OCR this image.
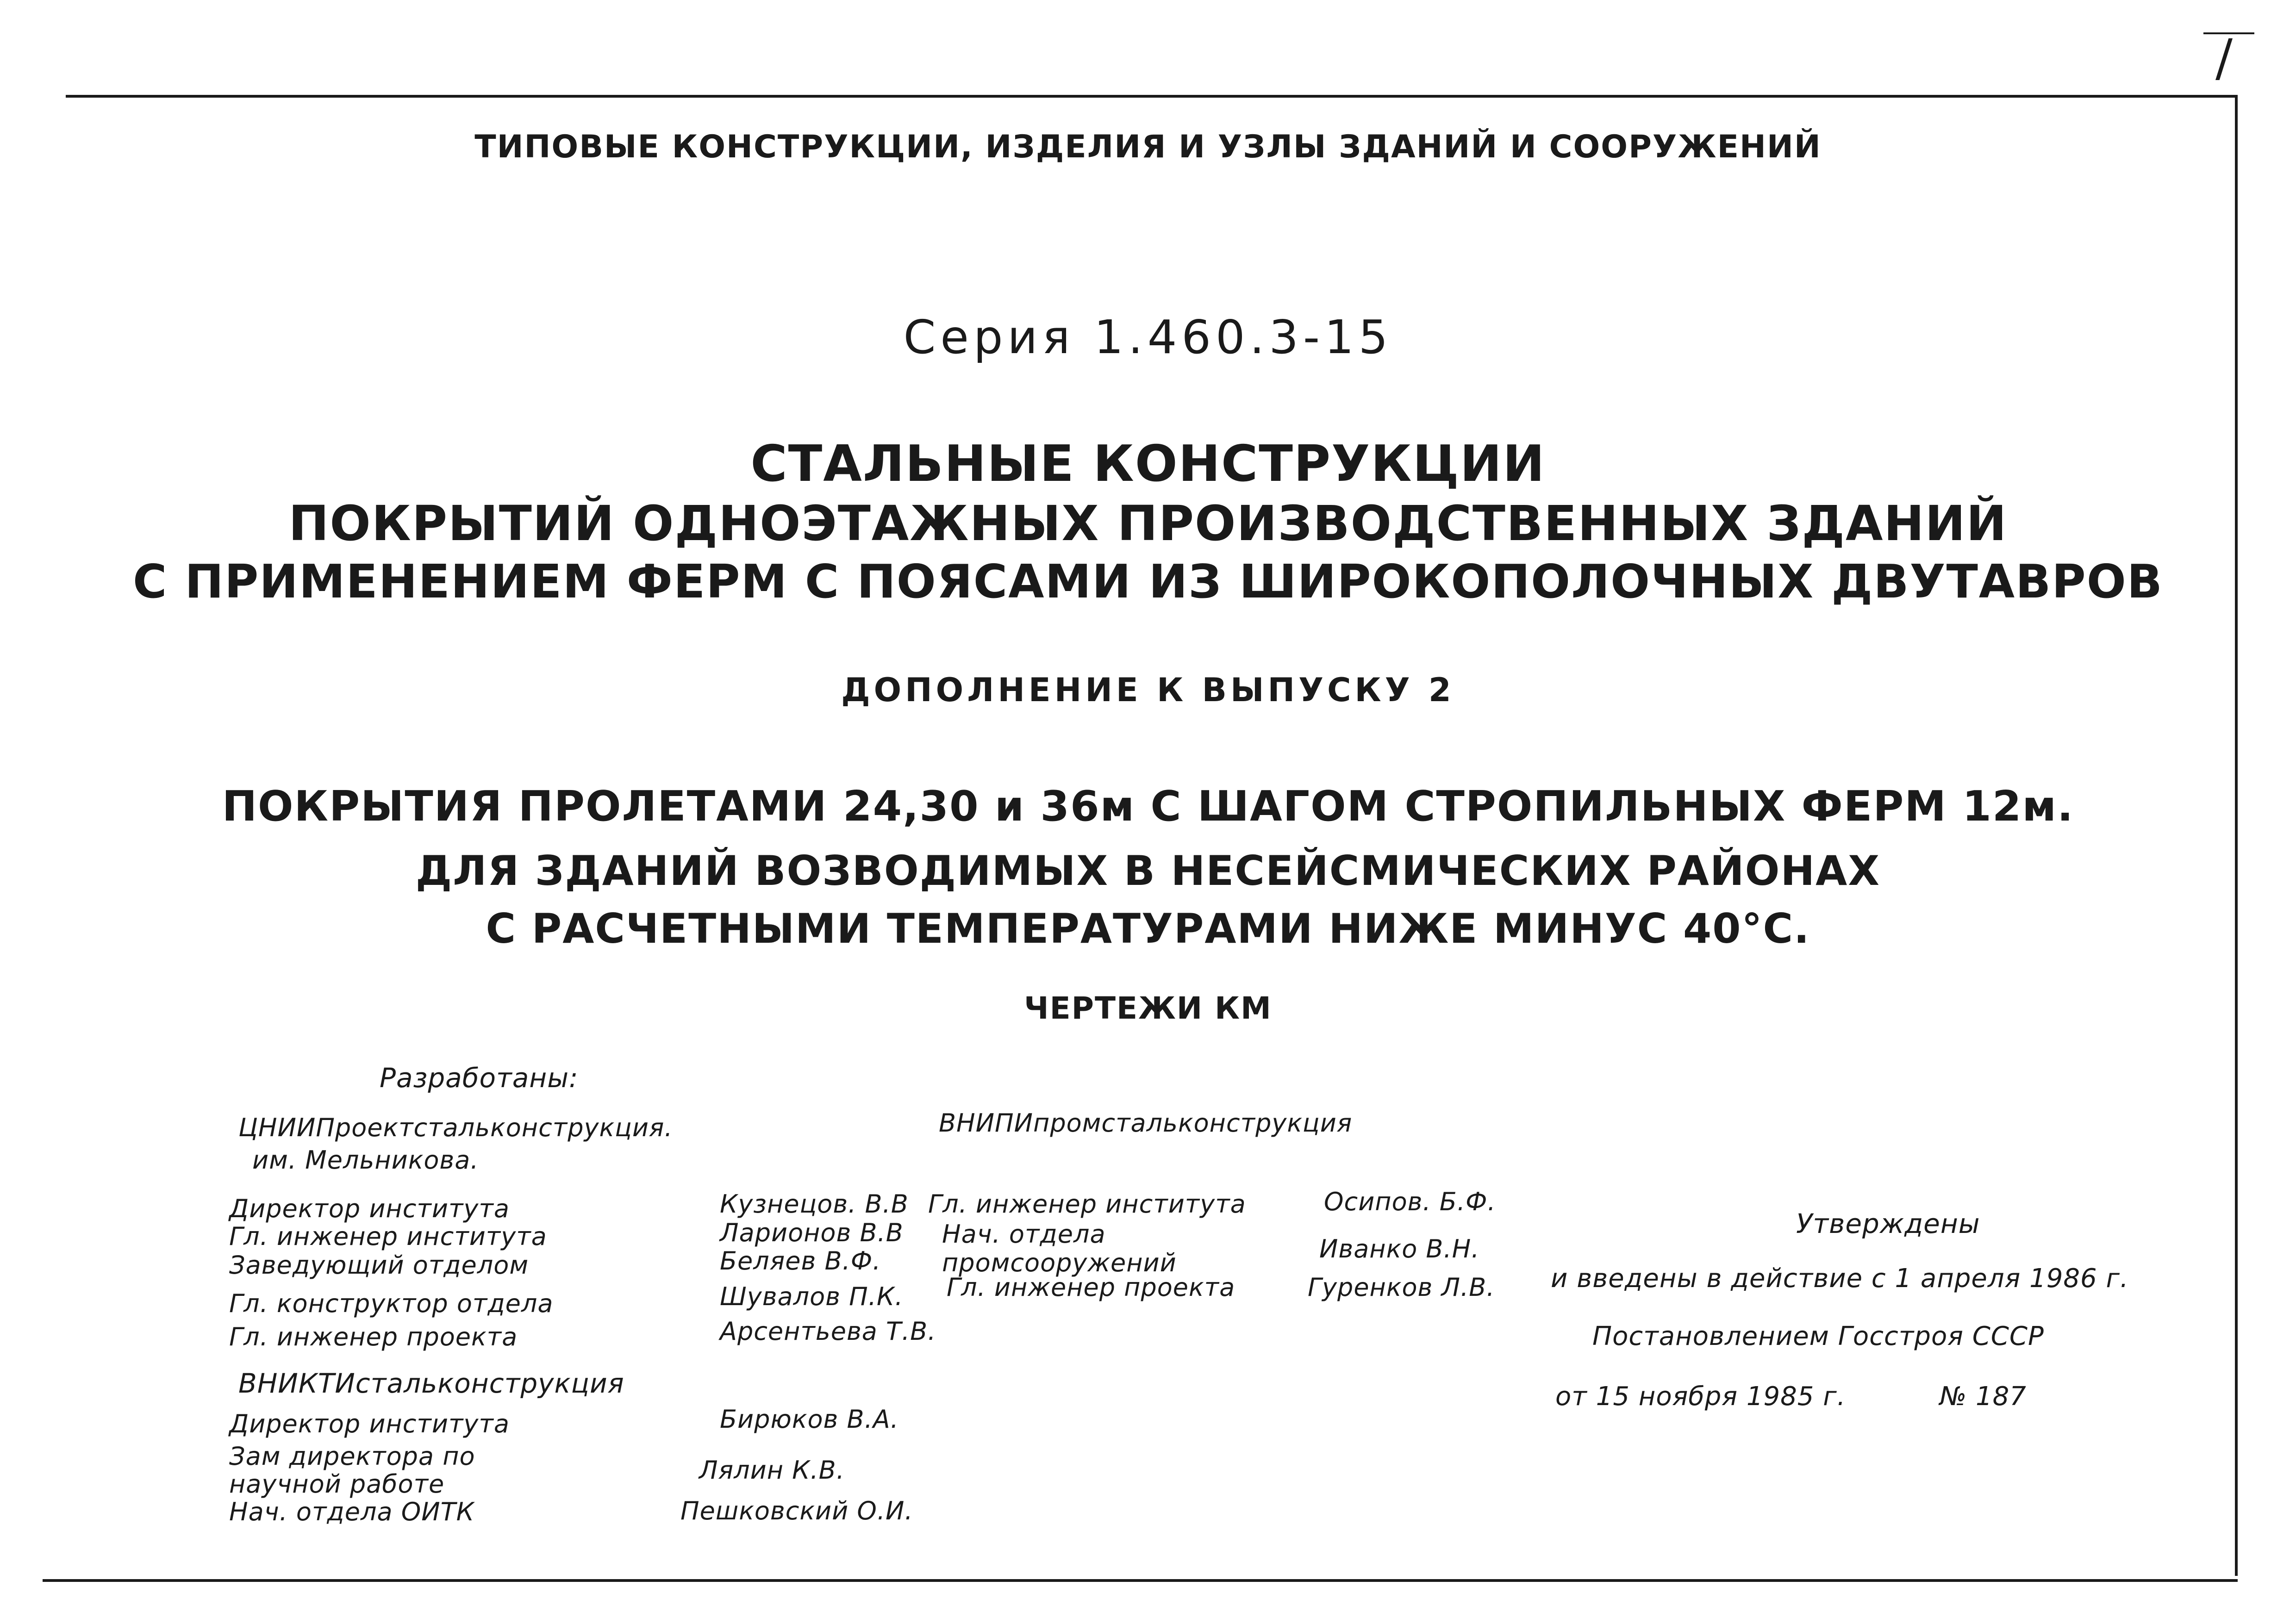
/
ТИПОВЫЕ КОНСТРУКЦИИ, ИЗДЕЛИЯ И УЗЛЫ ЗДАНИЙ И СООРУЖЕНИЙ
Серия 1.460.3-15
СТАЛЬНЫЕ КОНСТРУКЦИИ
ПОКРЫТИЙ ОДНОЭТАЖНЫХ ПРОИЗВОДСТВЕННЫХ ЗДАНИЙ
С ПРИМЕНЕНИЕМ ФЕРМ С ПОЯСАМИ ИЗ ШИРОКОПОЛОЧНЫХ ДВУТАВРОВ
ДОПОЛНЕНИЕ К ВЫПУСКУ 2
ПОКРЫТИЯ ПРОЛЕТАМИ 24,30 и 36м С ШАГОМ СТРОПИЛЬНЫХ ФЕРМ 12м.
ДЛЯ ЗДАНИЙ ВОЗВОДИМЫХ В НЕСЕЙСМИЧЕСКИХ РАЙОНАХ
С РАСЧЕТНЫМИ ТЕМПЕРАТУРАМИ НИЖЕ МИНУС 40°С.
ЧЕРТЕЖИ КМ
Разработаны:
ЦНИИПроектстальконструкция.
им. Мельникова.
Директор института
Гл. инженер института
Заведующий отделом
Гл. конструктор отдела
Гл. инженер проекта
Кузнецов. В.В
Ларионов В.В
Беляев В.Ф.
Шувалов П.К.
Арсентьева Т.В.
ВНИПИпромстальконструкция
Гл. инженер института
Нач. отдела
промсооружений
Гл. инженер проекта
Осипов. Б.Ф.
Иванко В.Н.
Гуренков Л.В.
ВНИКТИстальконструкция
Директор института
Зам директора по
научной работе
Нач. отдела ОИТК
Бирюков В.А.
Лялин К.В.
Пешковский О.И.
Утверждены
и введены в действие с 1 апреля 1986 г.
Постановлением Госстроя СССР
от 15 ноября 1985 г.	№ 187
